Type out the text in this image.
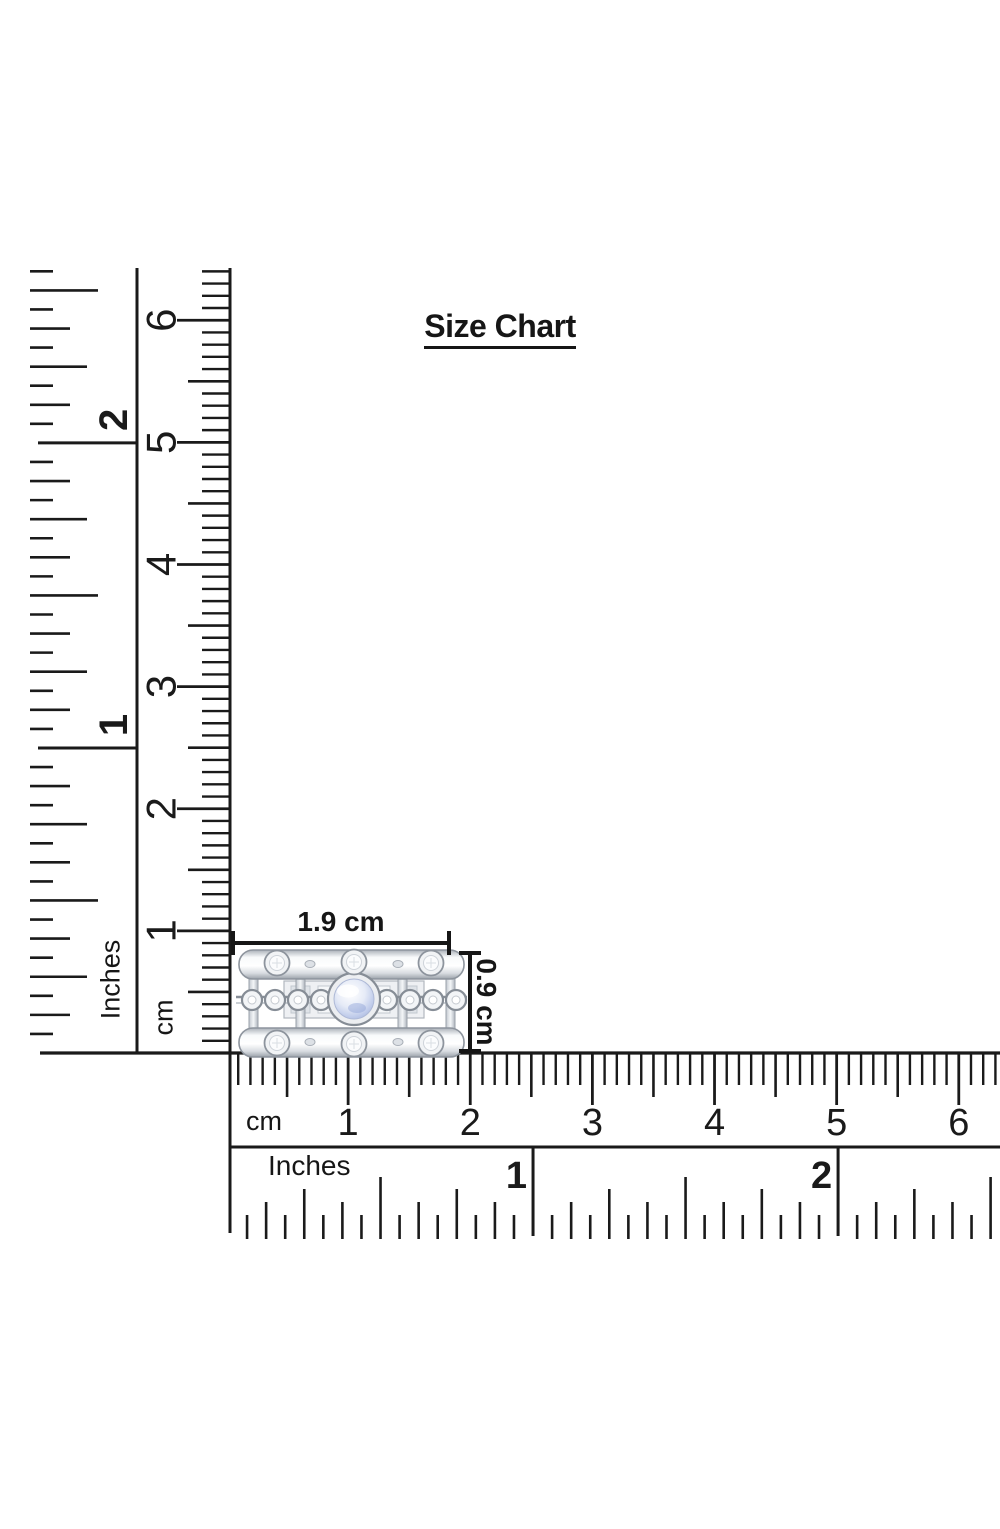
1
2
1
2
3
4
5
6
1	2	3	4	5	6
1	2
Size Chart
Inches cm
cm
Inches
1.9 cm
0.9 cm
